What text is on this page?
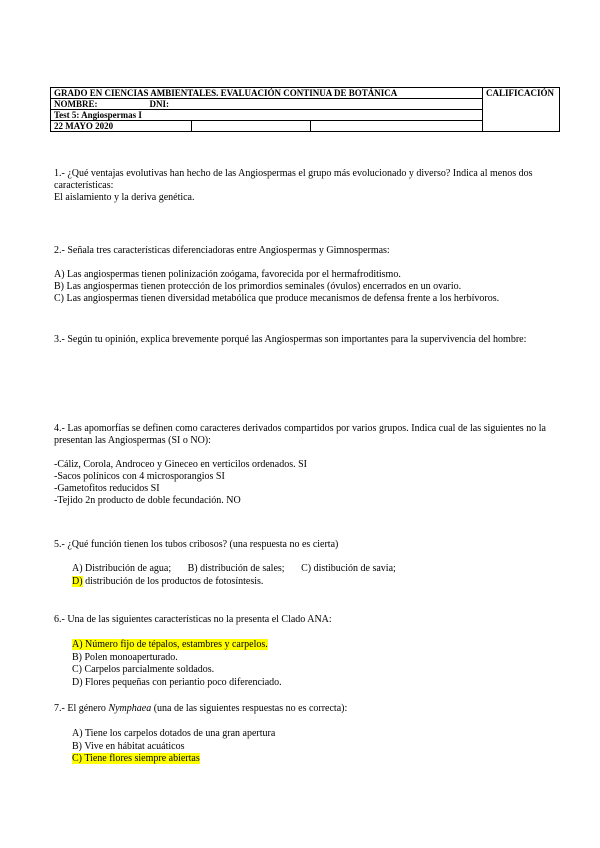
GRADO EN CIENCIAS AMBIENTALES. EVALUACIÓN CONTINUA DE BOTÁNICA			CALIFICACIÓN
NOMBRE: DNI:			
Test 5: Angiospermas I			
22 MAYO 2020			
1.- ¿Qué ventajas evolutivas han hecho de las Angiospermas el grupo más evolucionado y diverso? Indica al menos dos características:
El aislamiento y la deriva genética.
2.- Señala tres características diferenciadoras entre Angiospermas y Gimnospermas:
A) Las angiospermas tienen polinización zoógama, favorecida por el hermafroditismo.
B) Las angiospermas tienen protección de los primordios seminales (óvulos) encerrados en un ovario.
C) Las angiospermas tienen diversidad metabólica que produce mecanismos de defensa frente a los herbívoros.
3.- Según tu opinión, explica brevemente porqué las Angiospermas son importantes para la supervivencia del hombre:
4.- Las apomorfías se definen como caracteres derivados compartidos por varios grupos. Indica cual de las siguientes no la presentan las Angiospermas (SI o NO):
-Cáliz, Corola, Androceo y Gineceo en verticilos ordenados. SI
-Sacos polínicos con 4 microsporangios SI
-Gametofitos reducidos SI
-Tejido 2n producto de doble fecundación. NO
5.- ¿Qué función tienen los tubos cribosos? (una respuesta no es cierta)
A) Distribución de agua; B) distribución de sales; C) distibución de savia;
D) distribución de los productos de fotosíntesis.
6.- Una de las siguientes características no la presenta el Clado ANA:
A) Número fijo de tépalos, estambres y carpelos.
B) Polen monoaperturado.
C) Carpelos parcialmente soldados.
D) Flores pequeñas con periantio poco diferenciado.
7.- El género Nymphaea (una de las siguientes respuestas no es correcta):
A) Tiene los carpelos dotados de una gran apertura
B) Vive en hábitat acuáticos
C) Tiene flores siempre abiertas
